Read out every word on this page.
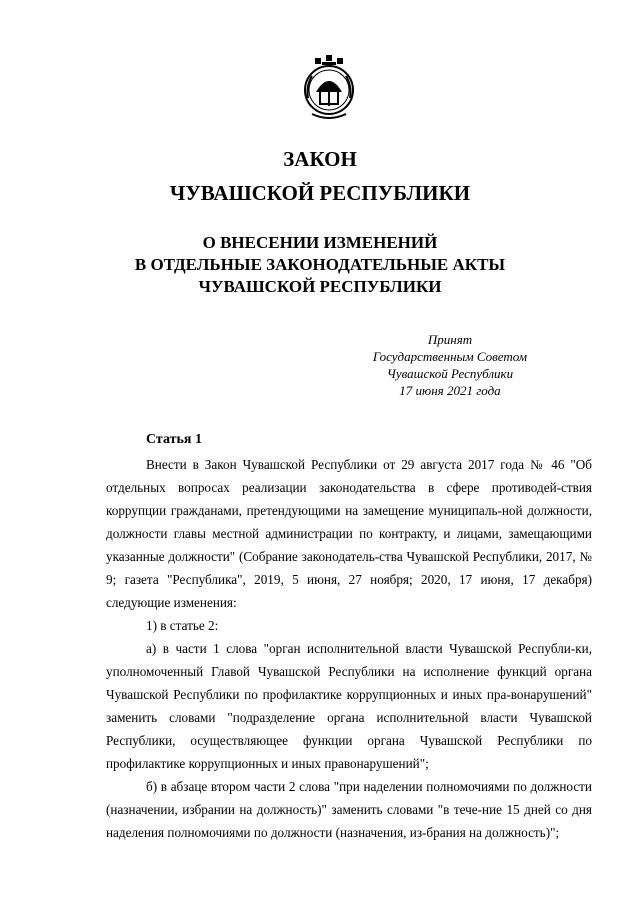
ЗАКОН
ЧУВАШСКОЙ РЕСПУБЛИКИ
О ВНЕСЕНИИ ИЗМЕНЕНИЙ
В ОТДЕЛЬНЫЕ ЗАКОНОДАТЕЛЬНЫЕ АКТЫ
ЧУВАШСКОЙ РЕСПУБЛИКИ
Принят
Государственным Советом
Чувашской Республики
17 июня 2021 года
Статья 1

Внести в Закон Чувашской Республики от 29 августа 2017 года № 46 "Об отдельных вопросах реализации законодательства в сфере противодей-ствия коррупции гражданами, претендующими на замещение муниципаль-ной должности, должности главы местной администрации по контракту, и лицами, замещающими указанные должности" (Собрание законодатель-ства Чувашской Республики, 2017, № 9; газета "Республика", 2019, 5 июня, 27 ноября; 2020, 17 июня, 17 декабря) следующие изменения:

1) в статье 2:

а) в части 1 слова "орган исполнительной власти Чувашской Республи-ки, уполномоченный Главой Чувашской Республики на исполнение функций органа Чувашской Республики по профилактике коррупционных и иных пра-вонарушений" заменить словами "подразделение органа исполнительной власти Чувашской Республики, осуществляющее функции органа Чувашской Республики по профилактике коррупционных и иных правонарушений";

б) в абзаце втором части 2 слова "при наделении полномочиями по должности (назначении, избрании на должность)" заменить словами "в тече-ние 15 дней со дня наделения полномочиями по должности (назначения, из-брания на должность)";
